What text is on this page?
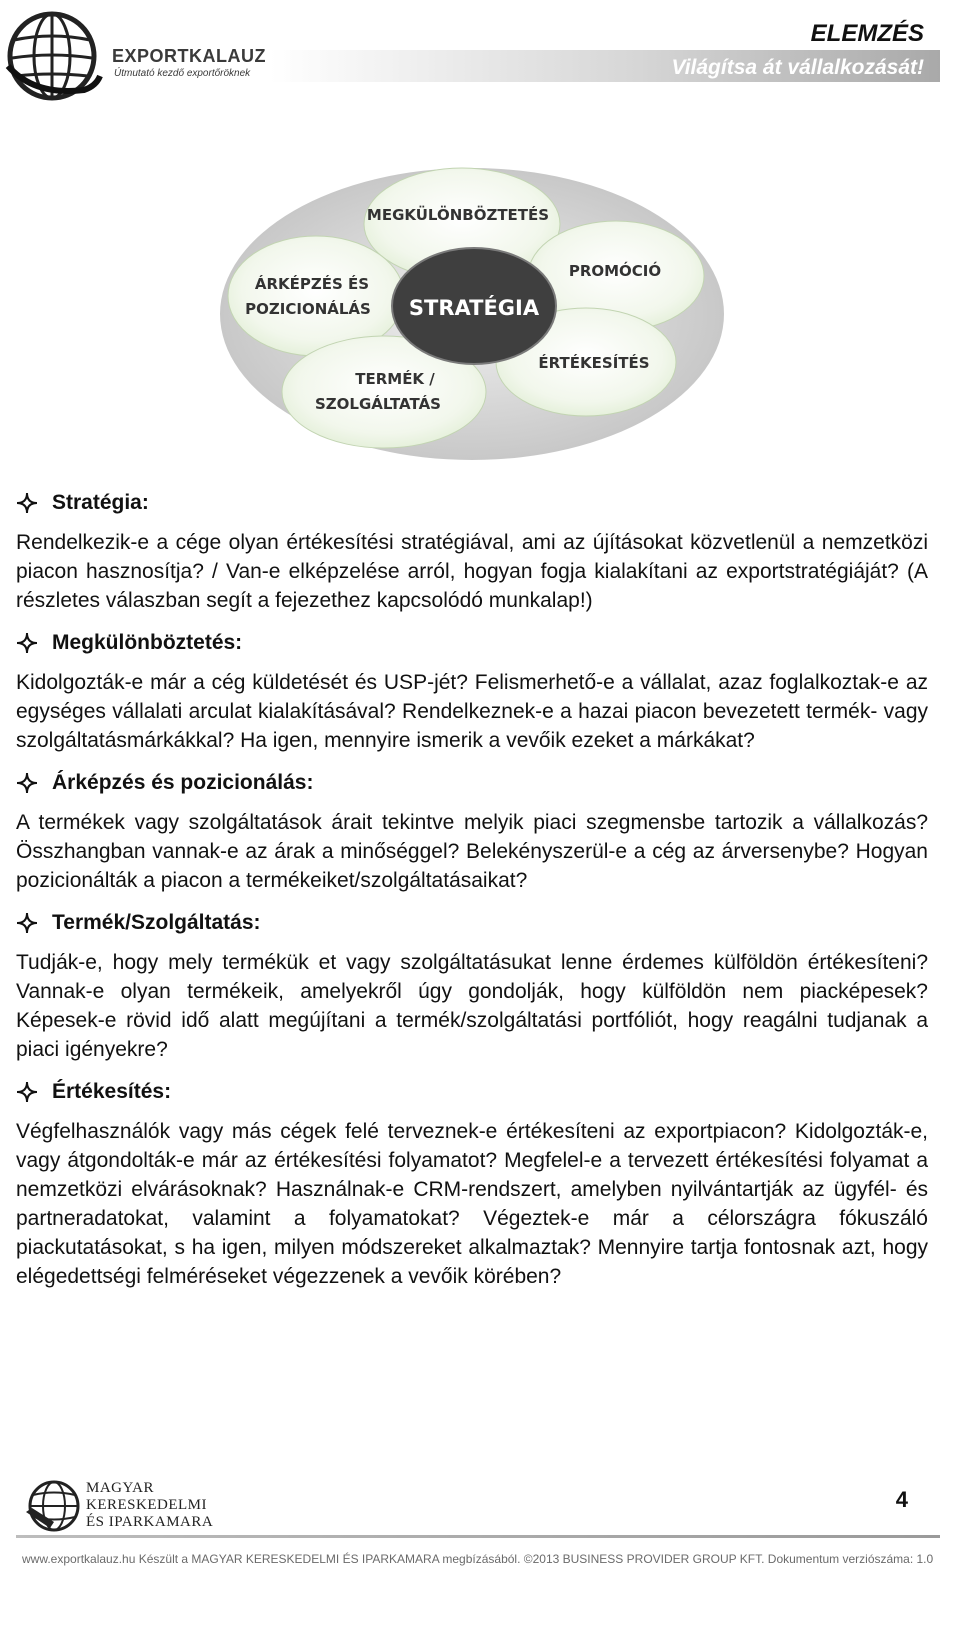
EXPORTKALAUZ
Útmutató kezdő exportőröknek
ELEMZÉS
Világítsa át vállalkozását!
STRATÉGIA
MEGKÜLÖNBÖZTETÉS
PROMÓCIÓ
ÉRTÉKESÍTÉS
TERMÉK /
SZOLGÁLTATÁS
ÁRKÉPZÉS ÉS
POZICIONÁLÁS
Stratégia:

Rendelkezik-e a cége olyan értékesítési stratégiával, ami az újításokat közvetlenül a nemzetközi piacon hasznosítja? / Van-e elképzelése arról, hogyan fogja kialakítani az exportstratégiáját? (A részletes válaszban segít a fejezethez kapcsolódó munkalap!)

Megkülönböztetés:

Kidolgozták-e már a cég küldetését és USP-jét? Felismerhető-e a vállalat, azaz foglalkoztak-e az egységes vállalati arculat kialakításával? Rendelkeznek-e a hazai piacon bevezetett termék- vagy szolgáltatásmárkákkal? Ha igen, mennyire ismerik a vevőik ezeket a márkákat?

Árképzés és pozicionálás:

A termékek vagy szolgáltatások árait tekintve melyik piaci szegmensbe tartozik a vállalkozás? Összhangban vannak-e az árak a minőséggel? Belekényszerül-e a cég az árversenybe? Hogyan pozicionálták a piacon a termékeiket/szolgáltatásaikat?

Termék/Szolgáltatás:

Tudják-e, hogy mely termékük et vagy szolgáltatásukat lenne érdemes külföldön értékesíteni? Vannak-e olyan termékeik, amelyekről úgy gondolják, hogy külföldön nem piacképesek? Képesek-e rövid idő alatt megújítani a termék/szolgáltatási portfóliót, hogy reagálni tudjanak a piaci igényekre?

Értékesítés:

Végfelhasználók vagy más cégek felé terveznek-e értékesíteni az exportpiacon? Kidolgozták-e, vagy átgondolták-e már az értékesítési folyamatot? Megfelel-e a tervezett értékesítési folyamat a nemzetközi elvárásoknak? Használnak-e CRM-rendszert, amelyben nyilvántartják az ügyfél- és partneradatokat, valamint a folyamatokat? Végeztek-e már a célországra fókuszáló piackutatásokat, s ha igen, milyen módszereket alkalmaztak? Mennyire tartja fontosnak azt, hogy elégedettségi felméréseket végezzenek a vevőik körében?

MAGYAR
KERESKEDELMI
ÉS IPARKAMARA
4
www.exportkalauz.hu Készült a MAGYAR KERESKEDELMI ÉS IPARKAMARA megbízásából. ©2013 BUSINESS PROVIDER GROUP KFT. Dokumentum verziószáma: 1.0
